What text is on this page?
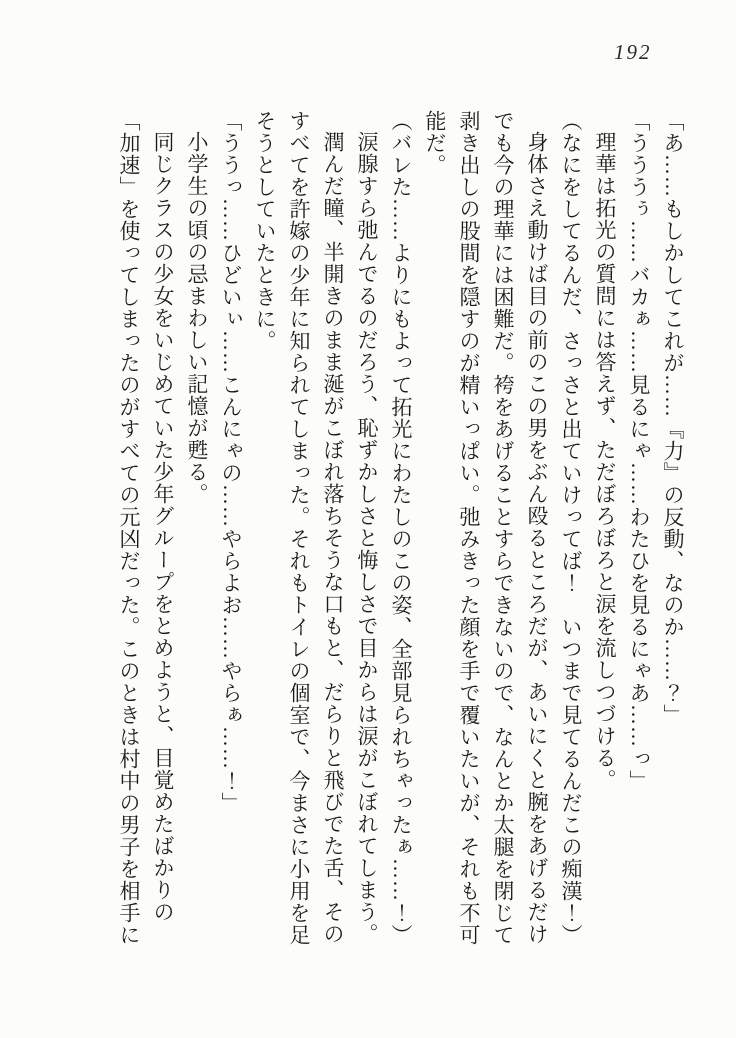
192

「あ……もしかしてこれが……『力』の反動、なのか……？」

「うううぅ……バカぁ……見るにゃ……わたひを見るにゃあ……っ」

理華は拓光の質問には答えず、ただぼろぼろと涙を流しつづける。

（なにをしてるんだ、さっさと出ていけってば！　いつまで見てるんだこの痴漢！）

身体さえ動けば目の前のこの男をぶん殴るところだが、あいにくと腕をあげるだけ

でも今の理華には困難だ。袴をあげることすらできないので、なんとか太腿を閉じて

剥き出しの股間を隠すのが精いっぱい。弛みきった顔を手で覆いたいが、それも不可

能だ。

（バレた……よりにもよって拓光にわたしのこの姿、全部見られちゃったぁ……！）

涙腺すら弛んでるのだろう、恥ずかしさと悔しさで目からは涙がこぼれてしまう。

潤んだ瞳、半開きのまま涎がこぼれ落ちそうな口もと、だらりと飛びでた舌、その

すべてを許嫁の少年に知られてしまった。それもトイレの個室で、今まさに小用を足

そうとしていたときに。

「ううっ……ひどいぃ……こんにゃの……やらよお……やらぁ……！」

小学生の頃の忌まわしい記憶が甦る。

同じクラスの少女をいじめていた少年グループをとめようと、目覚めたばかりの

「加速」を使ってしまったのがすべての元凶だった。このときは村中の男子を相手に
